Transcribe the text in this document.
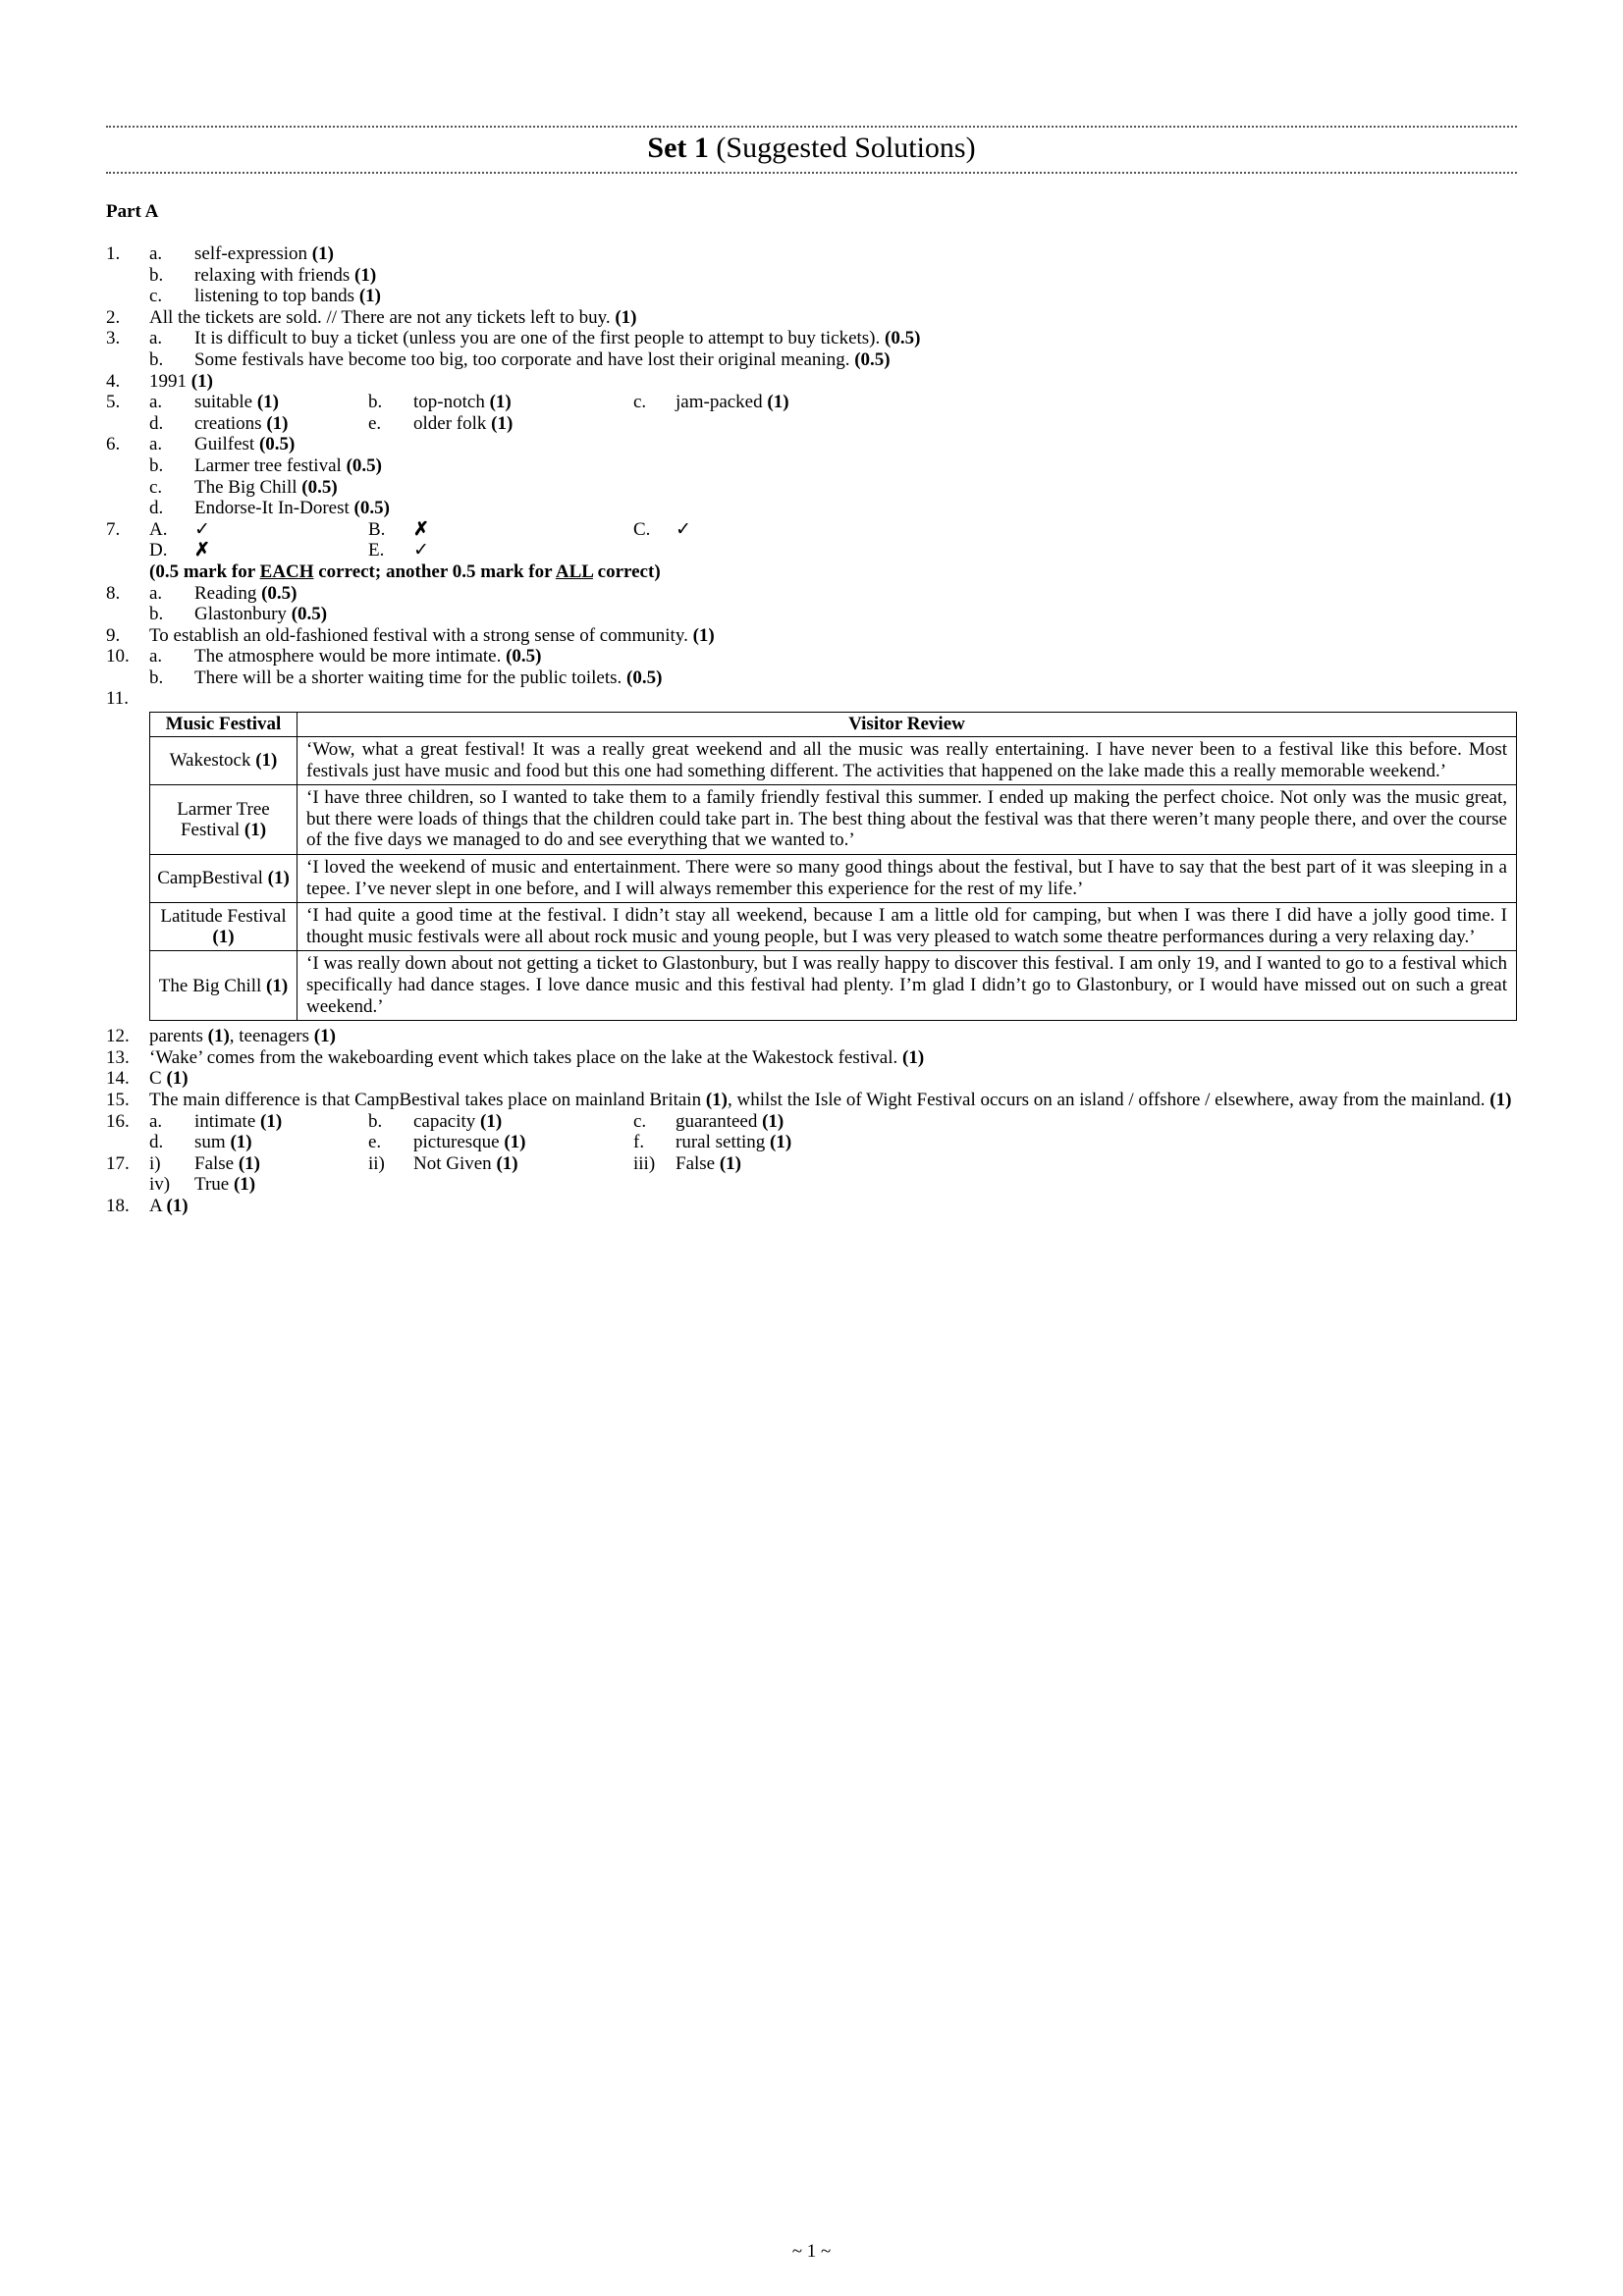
Set 1 (Suggested Solutions)
Part A
1.	a.	self-expression (1)
b.	relaxing with friends (1)
c.	listening to top bands (1)
2.	All the tickets are sold. // There are not any tickets left to buy. (1)
3.	a.	It is difficult to buy a ticket (unless you are one of the first people to attempt to buy tickets). (0.5)
b.	Some festivals have become too big, too corporate and have lost their original meaning. (0.5)
4.	1991 (1)
5.	a.	suitable (1)	b.	top-notch (1)	c.	jam-packed (1)
d.	creations (1)	e.	older folk (1)
6.	a.	Guilfest (0.5)
b.	Larmer tree festival (0.5)
c.	The Big Chill (0.5)
d.	Endorse-It In-Dorest (0.5)
7.	A.	✓	B.	✗	C.	✓
D.	✗	E.	✓
(0.5 mark for EACH correct; another 0.5 mark for ALL correct)
8.	a.	Reading (0.5)
b.	Glastonbury (0.5)
9.	To establish an old-fashioned festival with a strong sense of community. (1)
10.	a.	The atmosphere would be more intimate. (0.5)
b.	There will be a shorter waiting time for the public toilets. (0.5)
11.
Music Festival	Visitor Review
Wakestock (1)	‘Wow, what a great festival! It was a really great weekend and all the music was really entertaining. I have never been to a festival like this before. Most festivals just have music and food but this one had something different. The activities that happened on the lake made this a really memorable weekend.’
Larmer Tree Festival (1)	‘I have three children, so I wanted to take them to a family friendly festival this summer. I ended up making the perfect choice. Not only was the music great, but there were loads of things that the children could take part in. The best thing about the festival was that there weren’t many people there, and over the course of the five days we managed to do and see everything that we wanted to.’
CampBestival (1)	‘I loved the weekend of music and entertainment. There were so many good things about the festival, but I have to say that the best part of it was sleeping in a tepee. I’ve never slept in one before, and I will always remember this experience for the rest of my life.’
Latitude Festival (1)	‘I had quite a good time at the festival. I didn’t stay all weekend, because I am a little old for camping, but when I was there I did have a jolly good time. I thought music festivals were all about rock music and young people, but I was very pleased to watch some theatre performances during a very relaxing day.’
The Big Chill (1)	‘I was really down about not getting a ticket to Glastonbury, but I was really happy to discover this festival. I am only 19, and I wanted to go to a festival which specifically had dance stages. I love dance music and this festival had plenty. I’m glad I didn’t go to Glastonbury, or I would have missed out on such a great weekend.’
12.	parents (1), teenagers (1)
13.	‘Wake’ comes from the wakeboarding event which takes place on the lake at the Wakestock festival. (1)
14.	C (1)
15.	The main difference is that CampBestival takes place on mainland Britain (1), whilst the Isle of Wight Festival occurs on an island / offshore / elsewhere, away from the mainland. (1)
16.	a.	intimate (1)	b.	capacity (1)	c.	guaranteed (1)
d.	sum (1)	e.	picturesque (1)	f.	rural setting (1)
17.	i)	False (1)	ii)	Not Given (1)	iii)	False (1)
iv)	True (1)
18.	A (1)
~ 1 ~
